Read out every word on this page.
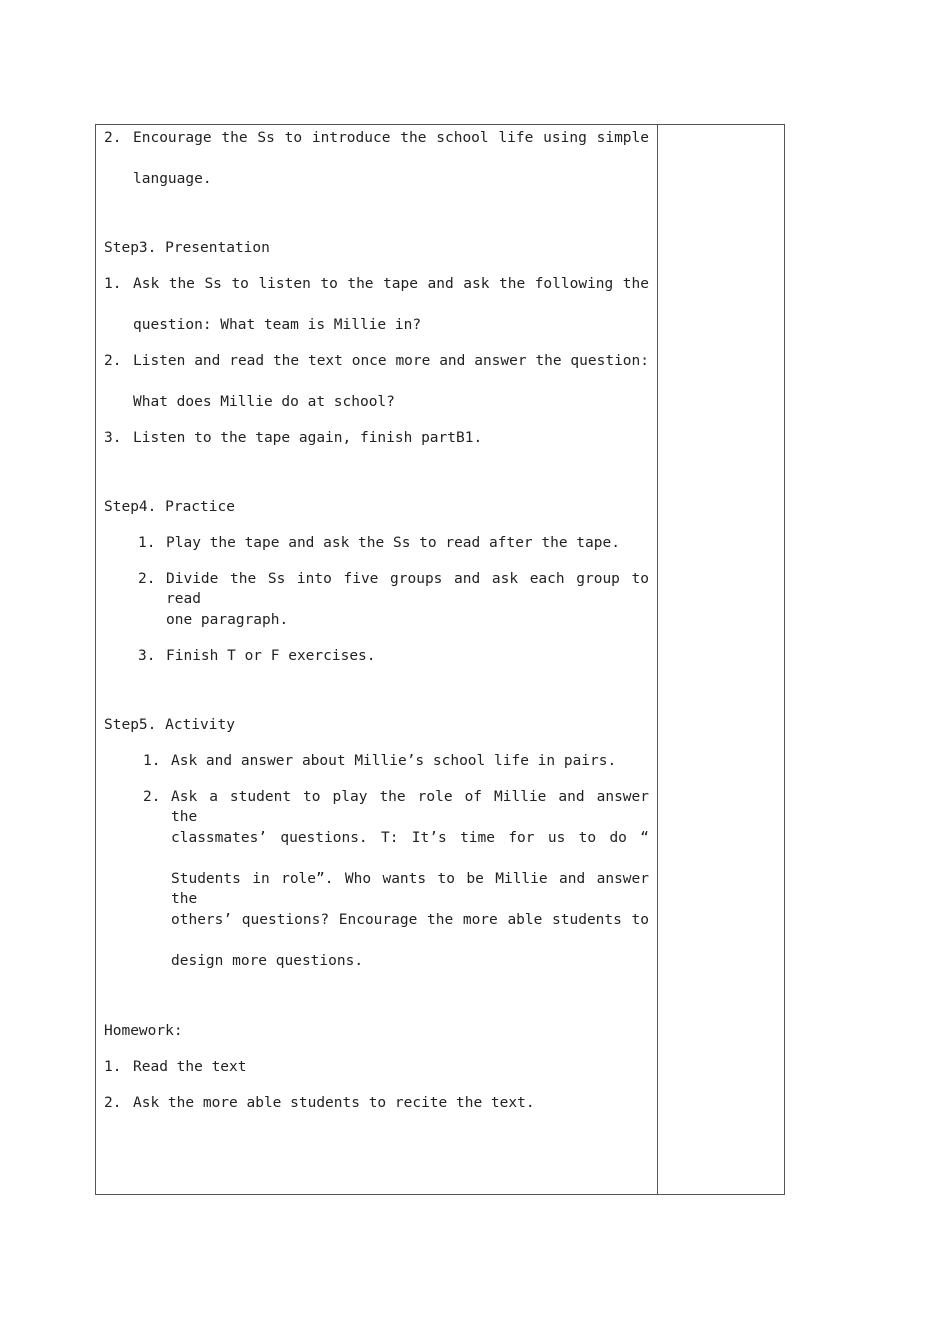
2. Encourage the Ss to introduce the school life using simple
language.
Step3. Presentation
1. Ask the Ss to listen to the tape and ask the following the
question: What team is Millie in?
2. Listen and read the text once more and answer the question:
What does Millie do at school?
3. Listen to the tape again, finish partB1.
Step4. Practice
1. Play the tape and ask the Ss to read after the tape.
2. Divide the Ss into five groups and ask each group to read
one paragraph.
3. Finish T or F exercises.
Step5. Activity
1. Ask and answer about Millie’s school life in pairs.
2. Ask a student to play the role of Millie and answer the
classmates’ questions. T: It’s time for us to do “
Students in role”. Who wants to be Millie and answer the
others’ questions? Encourage the more able students to
design more questions.
Homework:
1. Read the text
2. Ask the more able students to recite the text.
